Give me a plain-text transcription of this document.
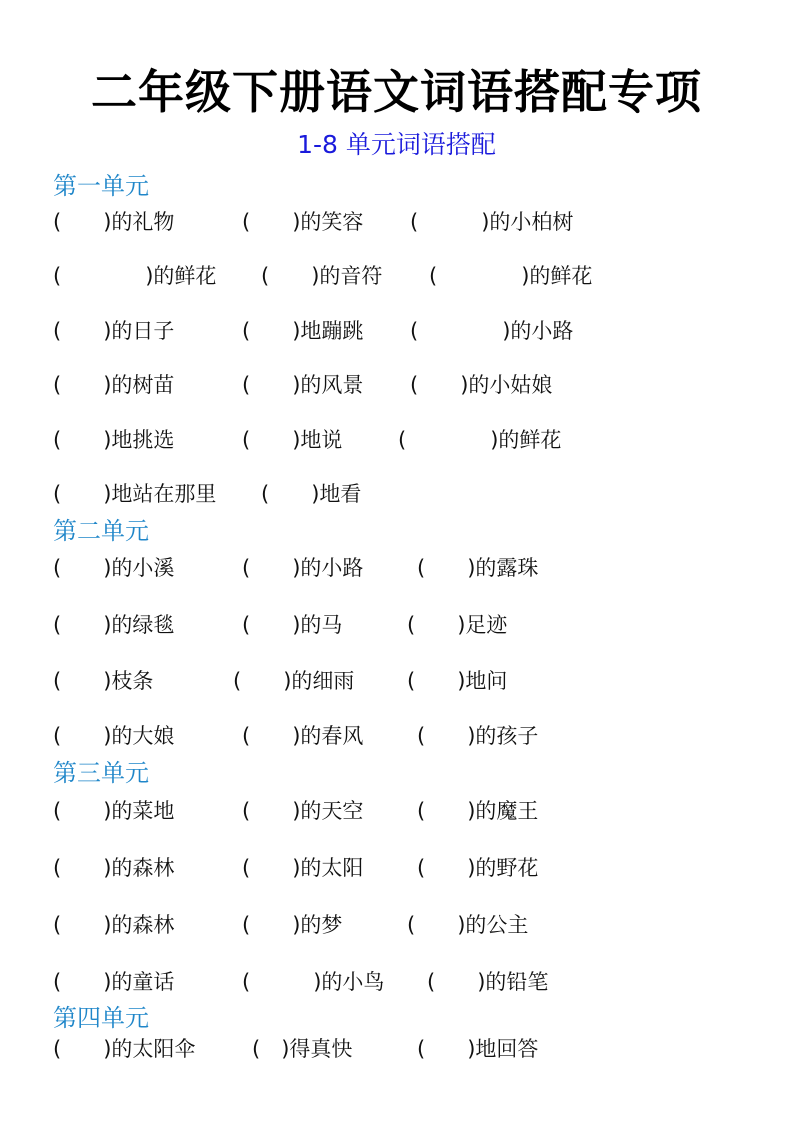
二年级下册语文词语搭配专项
1-8 单元词语搭配
第一单元
(　　)的礼物	(　　)的笑容 (　　　)的小柏树
(　　　　)的鲜花 (　　)的音符 (　　　　)的鲜花
(　　)的日子	(　　)地蹦跳 (　　　　)的小路
(　　)的树苗	(　　)的风景 (　　)的小姑娘
(　　)地挑选	(　　)地说	(　　　　)的鲜花
(　　)地站在那里 (　　)地看
第二单元
(　　)的小溪	(　　)的小路	(　　)的露珠
(　　)的绿毯	(　　)的马	(　　)足迹
(　　)枝条	(　　)的细雨	(　　)地问
(　　)的大娘	(　　)的春风	(　　)的孩子
第三单元
(　　)的菜地	(　　)的天空	(　　)的魔王
(　　)的森林	(　　)的太阳	(　　)的野花
(　　)的森林	(　　)的梦	(　　)的公主
(　　)的童话	(　　　)的小鸟 (　　)的铅笔
第四单元
(　　)的太阳伞	(　)得真快	(　　)地回答
